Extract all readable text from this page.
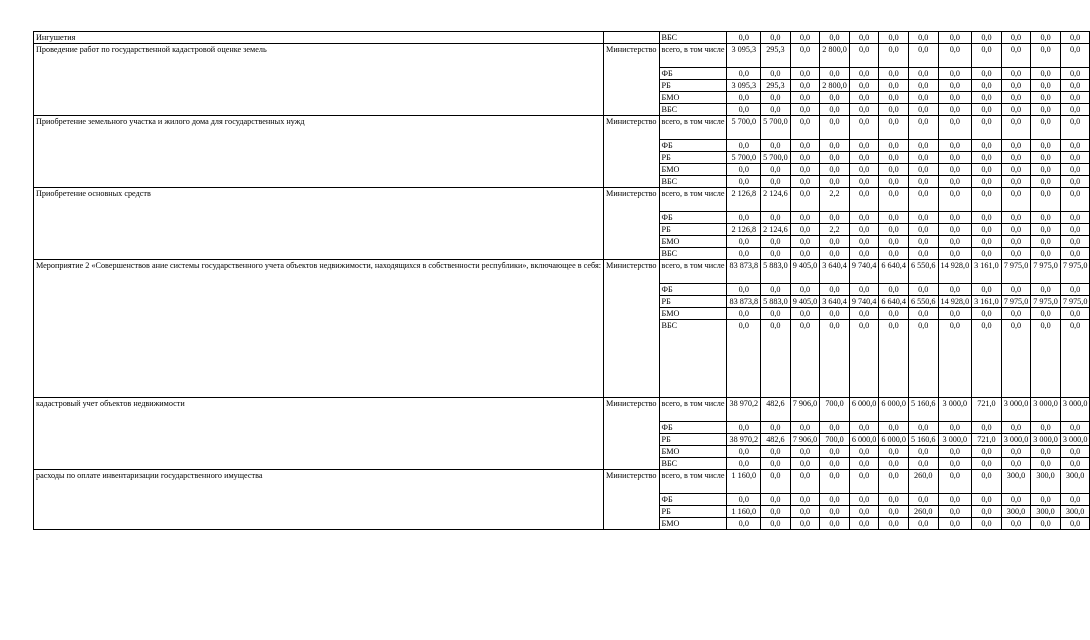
Ингушетия		ВБС	0,0	0,0	0,0	0,0	0,0	0,0	0,0	0,0	0,0	0,0	0,0	0,0
Проведение работ по государственной кадастровой оценке земель	Министерство	всего, в том числе	3 095,3	295,3	0,0	2 800,0	0,0	0,0	0,0	0,0	0,0	0,0	0,0	0,0
		ФБ	0,0	0,0	0,0	0,0	0,0	0,0	0,0	0,0	0,0	0,0	0,0	0,0
		РБ	3 095,3	295,3	0,0	2 800,0	0,0	0,0	0,0	0,0	0,0	0,0	0,0	0,0
		БМО	0,0	0,0	0,0	0,0	0,0	0,0	0,0	0,0	0,0	0,0	0,0	0,0
		ВБС	0,0	0,0	0,0	0,0	0,0	0,0	0,0	0,0	0,0	0,0	0,0	0,0
Приобретение земельного участка и жилого дома для государственных нужд	Министерство	всего, в том числе	5 700,0	5 700,0	0,0	0,0	0,0	0,0	0,0	0,0	0,0	0,0	0,0	0,0
		ФБ	0,0	0,0	0,0	0,0	0,0	0,0	0,0	0,0	0,0	0,0	0,0	0,0
		РБ	5 700,0	5 700,0	0,0	0,0	0,0	0,0	0,0	0,0	0,0	0,0	0,0	0,0
		БМО	0,0	0,0	0,0	0,0	0,0	0,0	0,0	0,0	0,0	0,0	0,0	0,0
		ВБС	0,0	0,0	0,0	0,0	0,0	0,0	0,0	0,0	0,0	0,0	0,0	0,0
Приобретение основных средств	Министерство	всего, в том числе	2 126,8	2 124,6	0,0	2,2	0,0	0,0	0,0	0,0	0,0	0,0	0,0	0,0
		ФБ	0,0	0,0	0,0	0,0	0,0	0,0	0,0	0,0	0,0	0,0	0,0	0,0
		РБ	2 126,8	2 124,6	0,0	2,2	0,0	0,0	0,0	0,0	0,0	0,0	0,0	0,0
		БМО	0,0	0,0	0,0	0,0	0,0	0,0	0,0	0,0	0,0	0,0	0,0	0,0
		ВБС	0,0	0,0	0,0	0,0	0,0	0,0	0,0	0,0	0,0	0,0	0,0	0,0
Мероприятие 2 «Совершенствов ание системы государственного учета объектов недвижимости, находящихся в собственности республики», включающее в себя:	Министерство	всего, в том числе	83 873,8	5 883,0	9 405,0	3 640,4	9 740,4	6 640,4	6 550,6	14 928,0	3 161,0	7 975,0	7 975,0	7 975,0
		ФБ	0,0	0,0	0,0	0,0	0,0	0,0	0,0	0,0	0,0	0,0	0,0	0,0
		РБ	83 873,8	5 883,0	9 405,0	3 640,4	9 740,4	6 640,4	6 550,6	14 928,0	3 161,0	7 975,0	7 975,0	7 975,0
		БМО	0,0	0,0	0,0	0,0	0,0	0,0	0,0	0,0	0,0	0,0	0,0	0,0
		ВБС	0,0	0,0	0,0	0,0	0,0	0,0	0,0	0,0	0,0	0,0	0,0	0,0
кадастровый учет объектов недвижимости	Министерство	всего, в том числе	38 970,2	482,6	7 906,0	700,0	6 000,0	6 000,0	5 160,6	3 000,0	721,0	3 000,0	3 000,0	3 000,0
		ФБ	0,0	0,0	0,0	0,0	0,0	0,0	0,0	0,0	0,0	0,0	0,0	0,0
		РБ	38 970,2	482,6	7 906,0	700,0	6 000,0	6 000,0	5 160,6	3 000,0	721,0	3 000,0	3 000,0	3 000,0
		БМО	0,0	0,0	0,0	0,0	0,0	0,0	0,0	0,0	0,0	0,0	0,0	0,0
		ВБС	0,0	0,0	0,0	0,0	0,0	0,0	0,0	0,0	0,0	0,0	0,0	0,0
расходы по оплате инвентаризации государственного имущества	Министерство	всего, в том числе	1 160,0	0,0	0,0	0,0	0,0	0,0	260,0	0,0	0,0	300,0	300,0	300,0
		ФБ	0,0	0,0	0,0	0,0	0,0	0,0	0,0	0,0	0,0	0,0	0,0	0,0
		РБ	1 160,0	0,0	0,0	0,0	0,0	0,0	260,0	0,0	0,0	300,0	300,0	300,0
		БМО	0,0	0,0	0,0	0,0	0,0	0,0	0,0	0,0	0,0	0,0	0,0	0,0
